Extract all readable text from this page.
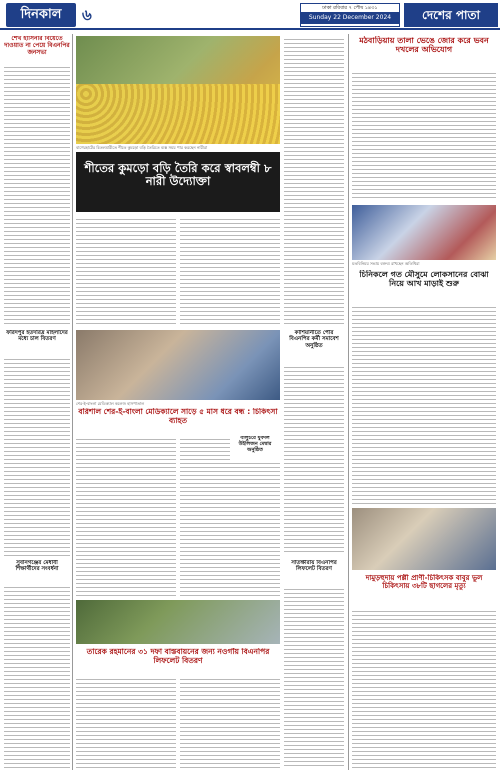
দিনকাল	৬	ঢাকা রবিবার ৭ পৌষ ১৪৩১
Sunday 22 December 2024	দেশের পাতা
শেখ হাসিনার বিয়েতে দাওয়াত না পেয়ে বিএনপির জনসভা
ফরিদপুর হতদরিদ্র মহিলাদের মধ্যে চাল বিতরণ
সুবানগঞ্জের মেধাবী শিক্ষার্থীদের সংবর্ধনা
বাগেরহাটের চিতলমারীতে শীতে কুমড়ো বড়ি তৈরিতে ব্যস্ত সময় পার করছেন নারীরা
শীতের কুমড়ো বড়ি তৈরি করে স্বাবলম্বী ৮ নারী উদ্যোক্তা
শের-ই-বাংলা মেডিক্যাল কলেজ হাসপাতাল
বরিশাল শের-ই-বাংলা মেডিক্যালে সাড়ে ৫ মাস ধরে বন্ধ : চিকিৎসা ব্যাহত
কাশিয়ানীতে পৌর বিএনপির কর্মী সমাবেশ অনুষ্ঠিত
বালুচরে যুবদল উইলিজন মেম্বার অনুষ্ঠিত
সাতক্ষীরায় বিএনপির লিফলেট বিতরণ
তারেক রহমানের ৩১ দফা বাস্তবায়নের জন্য নওগাঁয় বিএনপির লিফলেট বিতরণ
মঠবাড়িয়ায় তালা ভেঙে জোর করে ভবন দখলের অভিযোগ
মতবিনিময় সভায় বক্তব্য রাখছেন অতিথিরা
চিনিকলে গত মৌসুমে লোকসানের বোঝা নিয়ে আখ মাড়াই শুরু
দামুড়হুদায় পল্লী প্রাণী-চিকিৎসক বাবুর ভুল চিকিৎসায় ৩৮টি ছাগলের মৃত্যু
